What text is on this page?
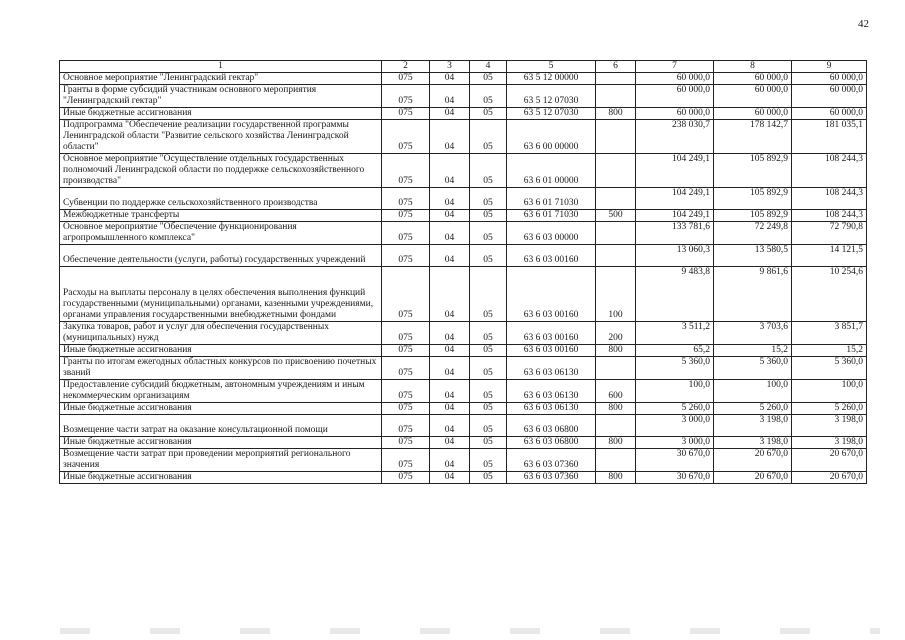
42
1	2	3	4	5	6	7	8	9
Основное мероприятие "Ленинградский гектар"	075	04	05	63 5 12 00000		60 000,0	60 000,0	60 000,0
Гранты в форме субсидий участникам основного мероприятия "Ленинградский гектар"	075	04	05	63 5 12 07030		60 000,0	60 000,0	60 000,0
Иные бюджетные ассигнования	075	04	05	63 5 12 07030	800	60 000,0	60 000,0	60 000,0
Подпрограмма "Обеспечение реализации государственной программы Ленинградской области "Развитие сельского хозяйства Ленинградской области"	075	04	05	63 6 00 00000		238 030,7	178 142,7	181 035,1
Основное мероприятие "Осуществление отдельных государственных полномочий Ленинградской области по поддержке сельскохозяйственного производства"	075	04	05	63 6 01 00000		104 249,1	105 892,9	108 244,3
Субвенции по поддержке сельскохозяйственного производства	075	04	05	63 6 01 71030		104 249,1	105 892,9	108 244,3
Межбюджетные трансферты	075	04	05	63 6 01 71030	500	104 249,1	105 892,9	108 244,3
Основное мероприятие "Обеспечение функционирования агропромышленного комплекса"	075	04	05	63 6 03 00000		133 781,6	72 249,8	72 790,8
Обеспечение деятельности (услуги, работы) государственных учреждений	075	04	05	63 6 03 00160		13 060,3	13 580,5	14 121,5
Расходы на выплаты персоналу в целях обеспечения выполнения функций государственными (муниципальными) органами, казенными учреждениями, органами управления государственными внебюджетными фондами	075	04	05	63 6 03 00160	100	9 483,8	9 861,6	10 254,6
Закупка товаров, работ и услуг для обеспечения государственных (муниципальных) нужд	075	04	05	63 6 03 00160	200	3 511,2	3 703,6	3 851,7
Иные бюджетные ассигнования	075	04	05	63 6 03 00160	800	65,2	15,2	15,2
Гранты по итогам ежегодных областных конкурсов по присвоению почетных званий	075	04	05	63 6 03 06130		5 360,0	5 360,0	5 360,0
Предоставление субсидий бюджетным, автономным учреждениям и иным некоммерческим организациям	075	04	05	63 6 03 06130	600	100,0	100,0	100,0
Иные бюджетные ассигнования	075	04	05	63 6 03 06130	800	5 260,0	5 260,0	5 260,0
Возмещение части затрат на оказание консультационной помощи	075	04	05	63 6 03 06800		3 000,0	3 198,0	3 198,0
Иные бюджетные ассигнования	075	04	05	63 6 03 06800	800	3 000,0	3 198,0	3 198,0
Возмещение части затрат при проведении мероприятий регионального значения	075	04	05	63 6 03 07360		30 670,0	20 670,0	20 670,0
Иные бюджетные ассигнования	075	04	05	63 6 03 07360	800	30 670,0	20 670,0	20 670,0
